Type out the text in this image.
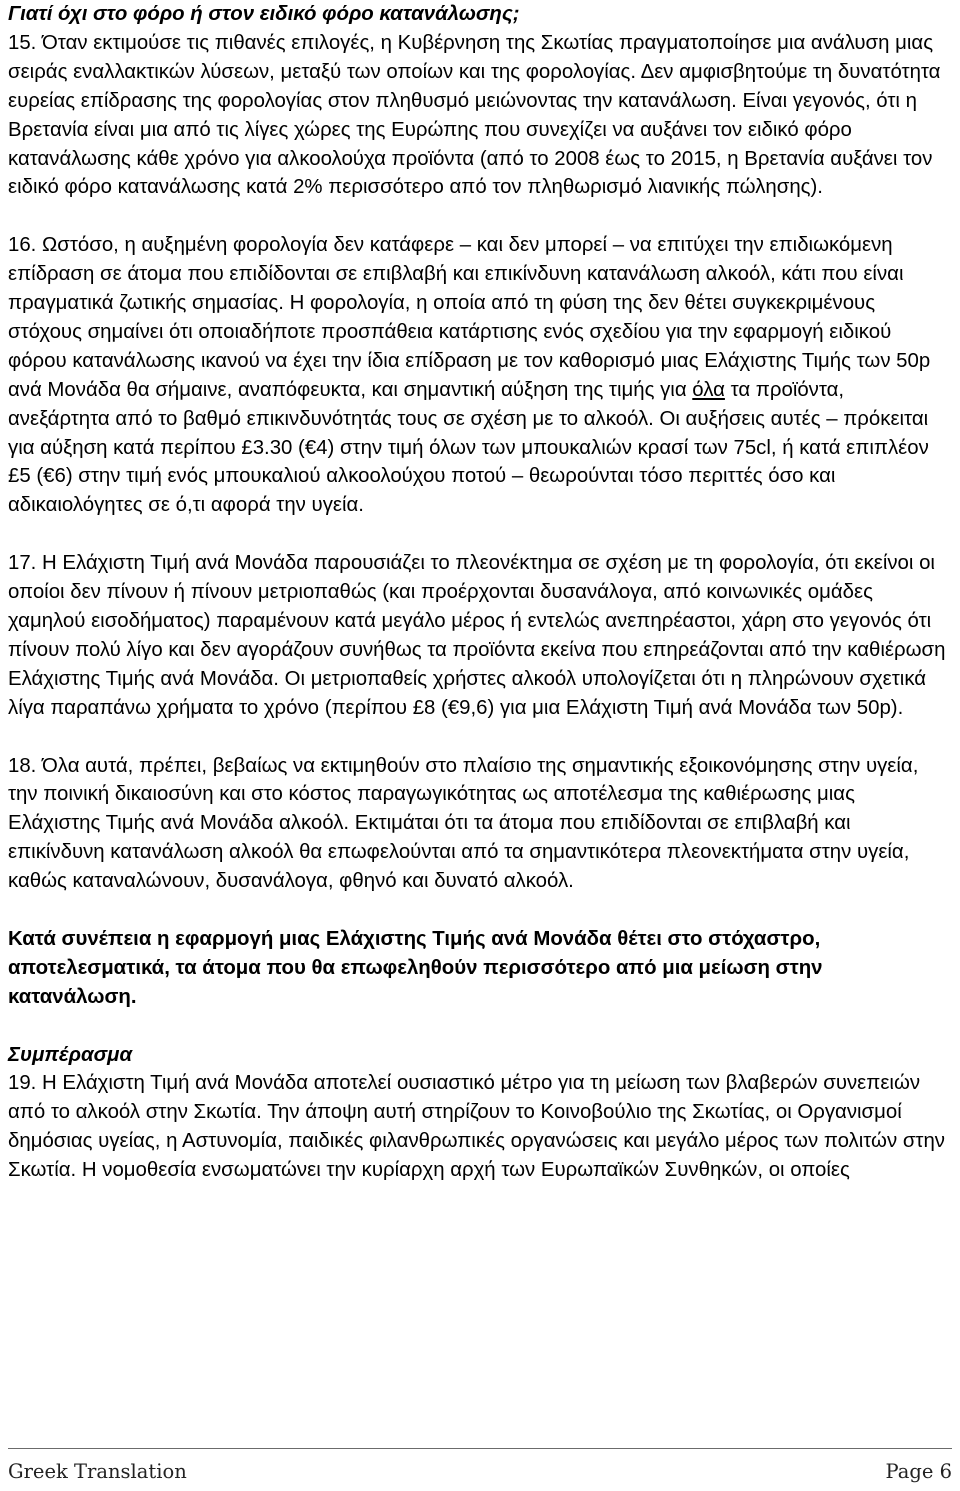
Γιατί όχι στο φόρο ή στον ειδικό φόρο κατανάλωσης;

15. Όταν εκτιμούσε τις πιθανές επιλογές, η Κυβέρνηση της Σκωτίας πραγματοποίησε μια ανάλυση μιας σειράς εναλλακτικών λύσεων, μεταξύ των οποίων και της φορολογίας. Δεν αμφισβητούμε τη δυνατότητα ευρείας επίδρασης της φορολογίας στον πληθυσμό μειώνοντας την κατανάλωση. Είναι γεγονός, ότι η Βρετανία είναι μια από τις λίγες χώρες της Ευρώπης που συνεχίζει να αυξάνει τον ειδικό φόρο κατανάλωσης κάθε χρόνο για αλκοολούχα προϊόντα (από το 2008 έως το 2015, η Βρετανία αυξάνει τον ειδικό φόρο κατανάλωσης κατά 2% περισσότερο από τον πληθωρισμό λιανικής πώλησης).

16. Ωστόσο, η αυξημένη φορολογία δεν κατάφερε – και δεν μπορεί – να επιτύχει την επιδιωκόμενη επίδραση σε άτομα που επιδίδονται σε επιβλαβή και επικίνδυνη κατανάλωση αλκοόλ, κάτι που είναι πραγματικά ζωτικής σημασίας. Η φορολογία, η οποία από τη φύση της δεν θέτει συγκεκριμένους στόχους σημαίνει ότι οποιαδήποτε προσπάθεια κατάρτισης ενός σχεδίου για την εφαρμογή ειδικού φόρου κατανάλωσης ικανού να έχει την ίδια επίδραση με τον καθορισμό μιας Ελάχιστης Τιμής των 50p ανά Μονάδα θα σήμαινε, αναπόφευκτα, και σημαντική αύξηση της τιμής για όλα τα προϊόντα, ανεξάρτητα από το βαθμό επικινδυνότητάς τους σε σχέση με το αλκοόλ. Οι αυξήσεις αυτές – πρόκειται για αύξηση κατά περίπου £3.30 (€4) στην τιμή όλων των μπουκαλιών κρασί των 75cl, ή κατά επιπλέον £5 (€6) στην τιμή ενός μπουκαλιού αλκοολούχου ποτού – θεωρούνται τόσο περιττές όσο και αδικαιολόγητες σε ό,τι αφορά την υγεία.

17. Η Ελάχιστη Τιμή ανά Μονάδα παρουσιάζει το πλεονέκτημα σε σχέση με τη φορολογία, ότι εκείνοι οι οποίοι δεν πίνουν ή πίνουν μετριοπαθώς (και προέρχονται δυσανάλογα, από κοινωνικές ομάδες χαμηλού εισοδήματος) παραμένουν κατά μεγάλο μέρος ή εντελώς ανεπηρέαστοι, χάρη στο γεγονός ότι πίνουν πολύ λίγο και δεν αγοράζουν συνήθως τα προϊόντα εκείνα που επηρεάζονται από την καθιέρωση Ελάχιστης Τιμής ανά Μονάδα. Οι μετριοπαθείς χρήστες αλκοόλ υπολογίζεται ότι η πληρώνουν σχετικά λίγα παραπάνω χρήματα το χρόνο (περίπου £8 (€9,6) για μια Ελάχιστη Τιμή ανά Μονάδα των 50p).

18. Όλα αυτά, πρέπει, βεβαίως να εκτιμηθούν στο πλαίσιο της σημαντικής εξοικονόμησης στην υγεία, την ποινική δικαιοσύνη και στο κόστος παραγωγικότητας ως αποτέλεσμα της καθιέρωσης μιας Ελάχιστης Τιμής ανά Μονάδα αλκοόλ. Εκτιμάται ότι τα άτομα που επιδίδονται σε επιβλαβή και επικίνδυνη κατανάλωση αλκοόλ θα επωφελούνται από τα σημαντικότερα πλεονεκτήματα στην υγεία, καθώς καταναλώνουν, δυσανάλογα, φθηνό και δυνατό αλκοόλ.

Κατά συνέπεια η εφαρμογή μιας Ελάχιστης Τιμής ανά Μονάδα θέτει στο στόχαστρο, αποτελεσματικά, τα άτομα που θα επωφεληθούν περισσότερο από μια μείωση στην κατανάλωση.

Συμπέρασμα

19. Η Ελάχιστη Τιμή ανά Μονάδα αποτελεί ουσιαστικό μέτρο για τη μείωση των βλαβερών συνεπειών από το αλκοόλ στην Σκωτία. Την άποψη αυτή στηρίζουν το Κοινοβούλιο της Σκωτίας, οι Οργανισμοί δημόσιας υγείας, η Αστυνομία, παιδικές φιλανθρωπικές οργανώσεις και μεγάλο μέρος των πολιτών στην Σκωτία. Η νομοθεσία ενσωματώνει την κυρίαρχη αρχή των Ευρωπαϊκών Συνθηκών, οι οποίες

Greek Translation	Page 6
